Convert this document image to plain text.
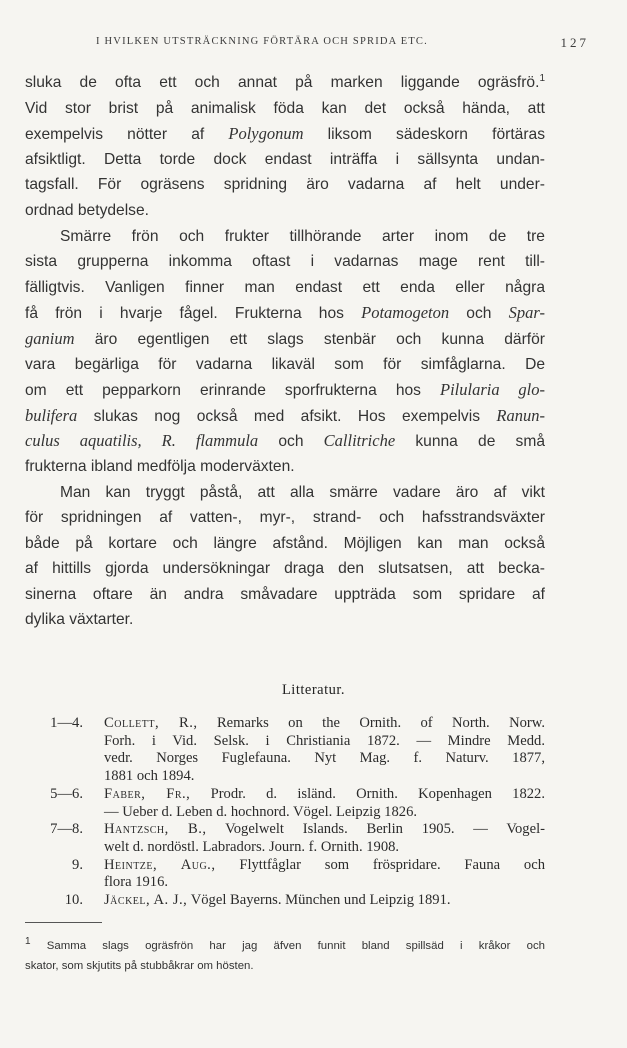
I HVILKEN UTSTRÄCKNING FÖRTÄRA OCH SPRIDA ETC.	127
sluka de ofta ett och annat på marken liggande ogräsfrö.$^1$
Vid stor brist på animalisk föda kan det också hända, att
exempelvis nötter af Polygonum liksom sädeskorn förtäras
afsiktligt. Detta torde dock endast inträffa i sällsynta undan-
tagsfall. För ogräsens spridning äro vadarna af helt under-
ordnad betydelse.
Smärre frön och frukter tillhörande arter inom de tre
sista grupperna inkomma oftast i vadarnas mage rent till-
fälligtvis. Vanligen finner man endast ett enda eller några
få frön i hvarje fågel. Frukterna hos Potamogeton och Spar-
ganium äro egentligen ett slags stenbär och kunna därför
vara begärliga för vadarna likaväl som för simfåglarna. De
om ett pepparkorn erinrande sporfrukterna hos Pilularia glo-
bulifera slukas nog också med afsikt. Hos exempelvis Ranun-
culus aquatilis, R. flammula och Callitriche kunna de små
frukterna ibland medfölja moderväxten.
Man kan tryggt påstå, att alla smärre vadare äro af vikt
för spridningen af vatten-, myr-, strand- och hafsstrandsväxter
både på kortare och längre afstånd. Möjligen kan man också
af hittills gjorda undersökningar draga den slutsatsen, att becka-
sinerna oftare än andra småvadare uppträda som spridare af
dylika växtarter.
Litteratur.
1—4. Collett, R., Remarks on the Ornith. of North. Norw.
Forh. i Vid. Selsk. i Christiania 1872. — Mindre Medd.
vedr. Norges Fuglefauna. Nyt Mag. f. Naturv. 1877,
1881 och 1894.
5—6. Faber, Fr., Prodr. d. isländ. Ornith. Kopenhagen 1822.
— Ueber d. Leben d. hochnord. Vögel. Leipzig 1826.
7—8. Hantzsch, B., Vogelwelt Islands. Berlin 1905. — Vogel-
welt d. nordöstl. Labradors. Journ. f. Ornith. 1908.
9. Heintze, Aug., Flyttfåglar som fröspridare. Fauna och
flora 1916.
10. Jäckel, A. J., Vögel Bayerns. München und Leipzig 1891.
$^1$ Samma slags ogräsfrön har jag äfven funnit bland spillsäd i kråkor och
skator, som skjutits på stubbåkrar om hösten.
